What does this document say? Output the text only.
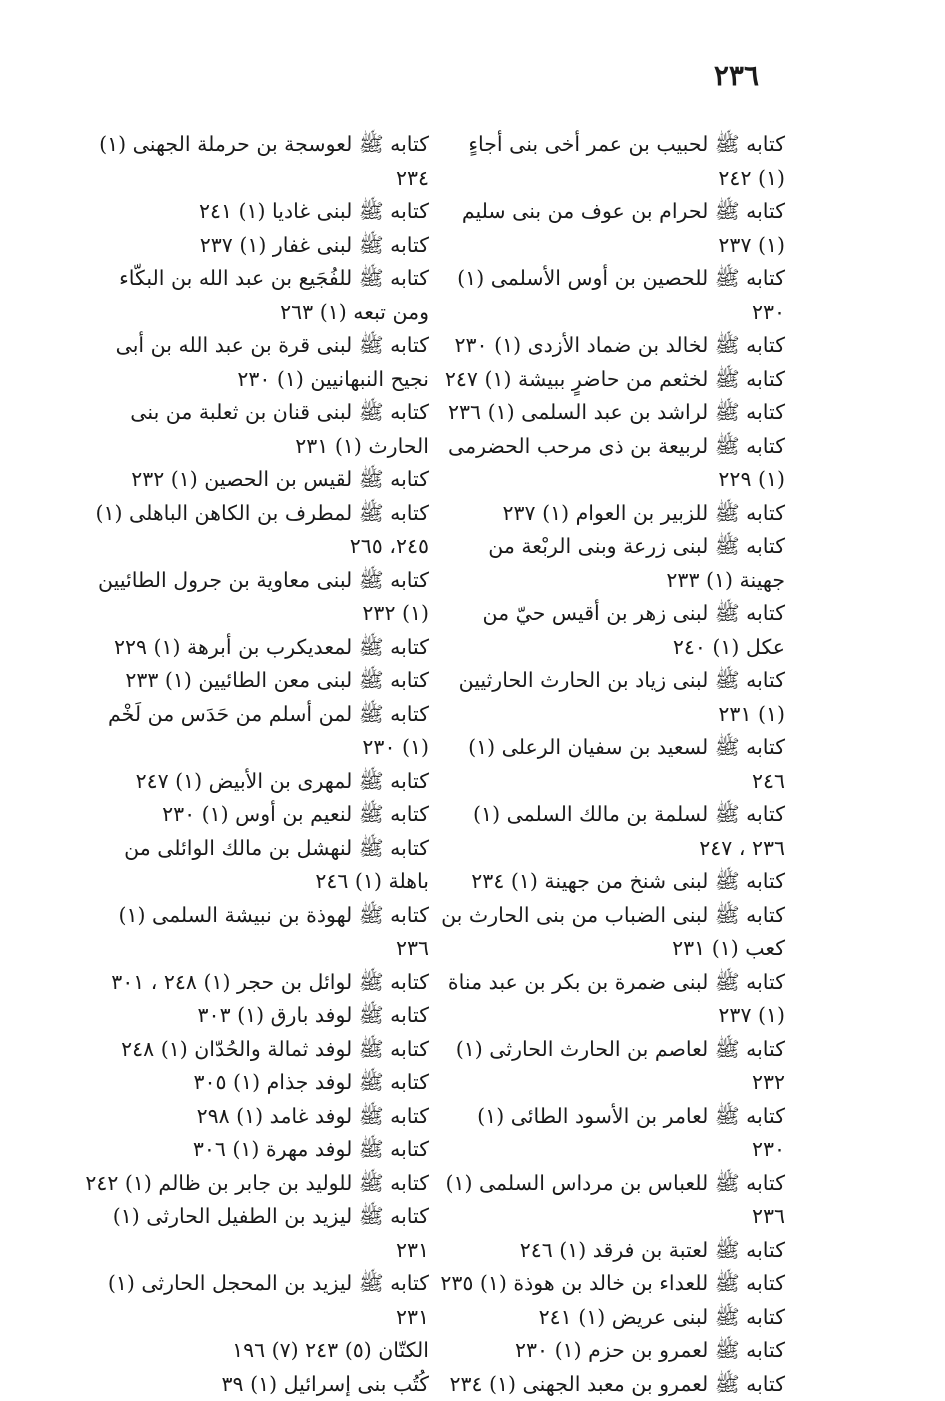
٢٣٦

كتابه ﷺ لحبيب بن عمر أخى بنى أجاءٍ (١) ٢٤٢

كتابه ﷺ لحرام بن عوف من بنى سليم (١) ٢٣٧

كتابه ﷺ للحصين بن أوس الأسلمى (١) ٢٣٠

كتابه ﷺ لخالد بن ضماد الأزدى (١) ٢٣٠

كتابه ﷺ لخثعم من حاضرٍ ببيشة (١) ٢٤٧

كتابه ﷺ لراشد بن عبد السلمى (١) ٢٣٦

كتابه ﷺ لربيعة بن ذى مرحب الحضرمى (١) ٢٢٩

كتابه ﷺ للزبير بن العوام (١) ٢٣٧

كتابه ﷺ لبنى زرعة وبنى الربْعة من جهينة (١) ٢٣٣

كتابه ﷺ لبنى زهر بن أقيس حيّ من عكل (١) ٢٤٠

كتابه ﷺ لبنى زياد بن الحارث الحارثيين (١) ٢٣١

كتابه ﷺ لسعيد بن سفيان الرعلى (١) ٢٤٦

كتابه ﷺ لسلمة بن مالك السلمى (١) ٢٣٦ ، ٢٤٧

كتابه ﷺ لبنى شنخ من جهينة (١) ٢٣٤

كتابه ﷺ لبنى الضباب من بنى الحارث بن كعب (١) ٢٣١

كتابه ﷺ لبنى ضمرة بن بكر بن عبد مناة (١) ٢٣٧

كتابه ﷺ لعاصم بن الحارث الحارثى (١) ٢٣٢

كتابه ﷺ لعامر بن الأسود الطائى (١) ٢٣٠

كتابه ﷺ للعباس بن مرداس السلمى (١) ٢٣٦

كتابه ﷺ لعتبة بن فرقد (١) ٢٤٦

كتابه ﷺ للعداء بن خالد بن هوذة (١) ٢٣٥

كتابه ﷺ لبنى عريض (١) ٢٤١

كتابه ﷺ لعمرو بن حزم (١) ٢٣٠

كتابه ﷺ لعمرو بن معبد الجهنى (١) ٢٣٤

كتابه ﷺ لعوسجة بن حرملة الجهنى (١) ٢٣٤

كتابه ﷺ لبنى غاديا (١) ٢٤١

كتابه ﷺ لبنى غفار (١) ٢٣٧

كتابه ﷺ للفُجَيع بن عبد الله بن البكّاء ومن تبعه (١) ٢٦٣

كتابه ﷺ لبنى قرة بن عبد الله بن أبى نجيح النبهانيين (١) ٢٣٠

كتابه ﷺ لبنى قنان بن ثعلبة من بنى الحارث (١) ٢٣١

كتابه ﷺ لقيس بن الحصين (١) ٢٣٢

كتابه ﷺ لمطرف بن الكاهن الباهلى (١) ٢٤٥، ٢٦٥

كتابه ﷺ لبنى معاوية بن جرول الطائيين (١) ٢٣٢

كتابه ﷺ لمعديكرب بن أبرهة (١) ٢٢٩

كتابه ﷺ لبنى معن الطائيين (١) ٢٣٣

كتابه ﷺ لمن أسلم من حَدَس من لَخْم (١) ٢٣٠

كتابه ﷺ لمهرى بن الأبيض (١) ٢٤٧

كتابه ﷺ لنعيم بن أوس (١) ٢٣٠

كتابه ﷺ لنهشل بن مالك الوائلى من باهلة (١) ٢٤٦

كتابه ﷺ لهوذة بن نبيشة السلمى (١) ٢٣٦

كتابه ﷺ لوائل بن حجر (١) ٢٤٨ ، ٣٠١

كتابه ﷺ لوفد بارق (١) ٣٠٣

كتابه ﷺ لوفد ثمالة والحُدّان (١) ٢٤٨

كتابه ﷺ لوفد جذام (١) ٣٠٥

كتابه ﷺ لوفد غامد (١) ٢٩٨

كتابه ﷺ لوفد مهرة (١) ٣٠٦

كتابه ﷺ للوليد بن جابر بن ظالم (١) ٢٤٢

كتابه ﷺ ليزيد بن الطفيل الحارثى (١) ٢٣١

كتابه ﷺ ليزيد بن المحجل الحارثى (١) ٢٣١

الكتّان (٥) ٢٤٣ (٧) ١٩٦

كُتُب بنى إسرائيل (١) ٣٩
